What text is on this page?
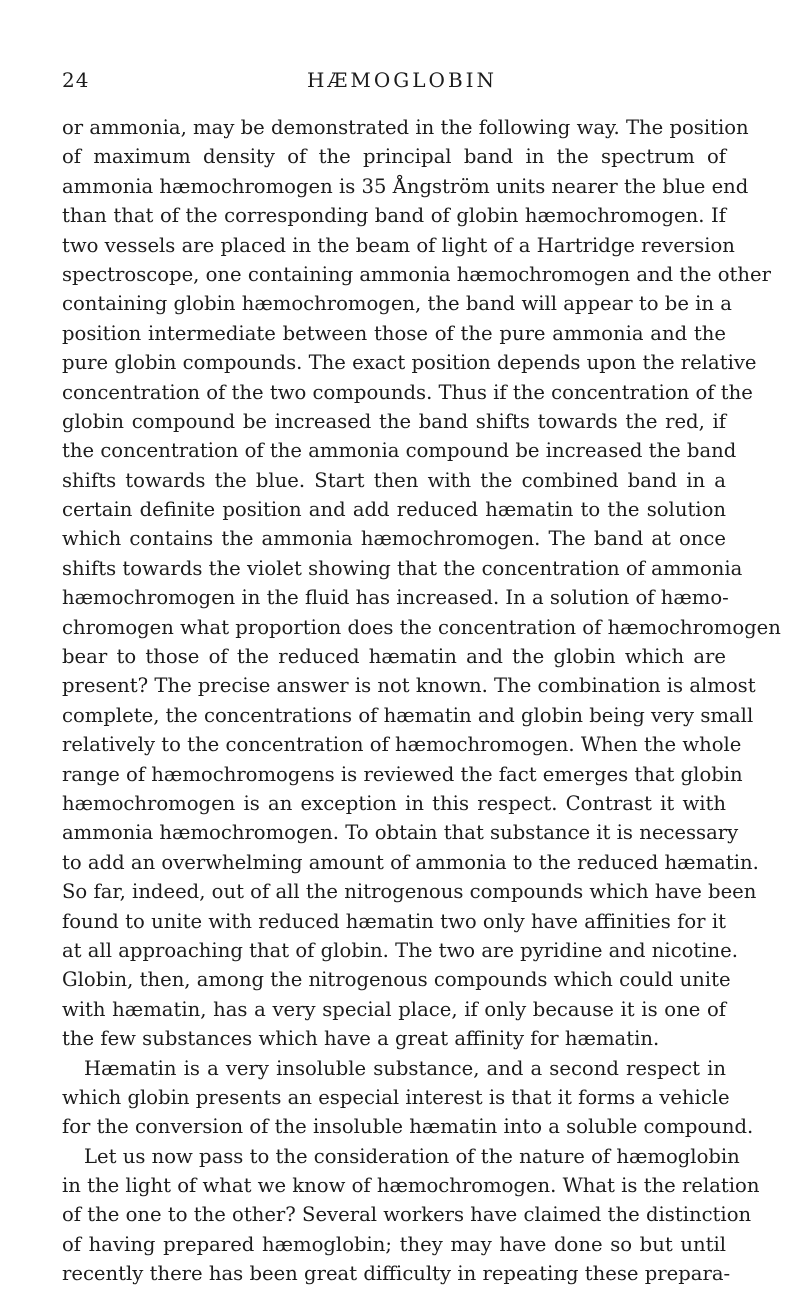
24	HÆMOGLOBIN
or ammonia, may be demonstrated in the following way. The position
of maximum density of the principal band in the spectrum of
ammonia hæmochromogen is 35 Ångström units nearer the blue end
than that of the corresponding band of globin hæmochromogen. If
two vessels are placed in the beam of light of a Hartridge reversion
spectroscope, one containing ammonia hæmochromogen and the other
containing globin hæmochromogen, the band will appear to be in a
position intermediate between those of the pure ammonia and the
pure globin compounds. The exact position depends upon the relative
concentration of the two compounds. Thus if the concentration of the
globin compound be increased the band shifts towards the red, if
the concentration of the ammonia compound be increased the band
shifts towards the blue. Start then with the combined band in a
certain definite position and add reduced hæmatin to the solution
which contains the ammonia hæmochromogen. The band at once
shifts towards the violet showing that the concentration of ammonia
hæmochromogen in the fluid has increased. In a solution of hæmo-
chromogen what proportion does the concentration of hæmochromogen
bear to those of the reduced hæmatin and the globin which are
present? The precise answer is not known. The combination is almost
complete, the concentrations of hæmatin and globin being very small
relatively to the concentration of hæmochromogen. When the whole
range of hæmochromogens is reviewed the fact emerges that globin
hæmochromogen is an exception in this respect. Contrast it with
ammonia hæmochromogen. To obtain that substance it is necessary
to add an overwhelming amount of ammonia to the reduced hæmatin.
So far, indeed, out of all the nitrogenous compounds which have been
found to unite with reduced hæmatin two only have affinities for it
at all approaching that of globin. The two are pyridine and nicotine.
Globin, then, among the nitrogenous compounds which could unite
with hæmatin, has a very special place, if only because it is one of
the few substances which have a great affinity for hæmatin.
Hæmatin is a very insoluble substance, and a second respect in
which globin presents an especial interest is that it forms a vehicle
for the conversion of the insoluble hæmatin into a soluble compound.
Let us now pass to the consideration of the nature of hæmoglobin
in the light of what we know of hæmochromogen. What is the relation
of the one to the other? Several workers have claimed the distinction
of having prepared hæmoglobin; they may have done so but until
recently there has been great difficulty in repeating these prepara-
